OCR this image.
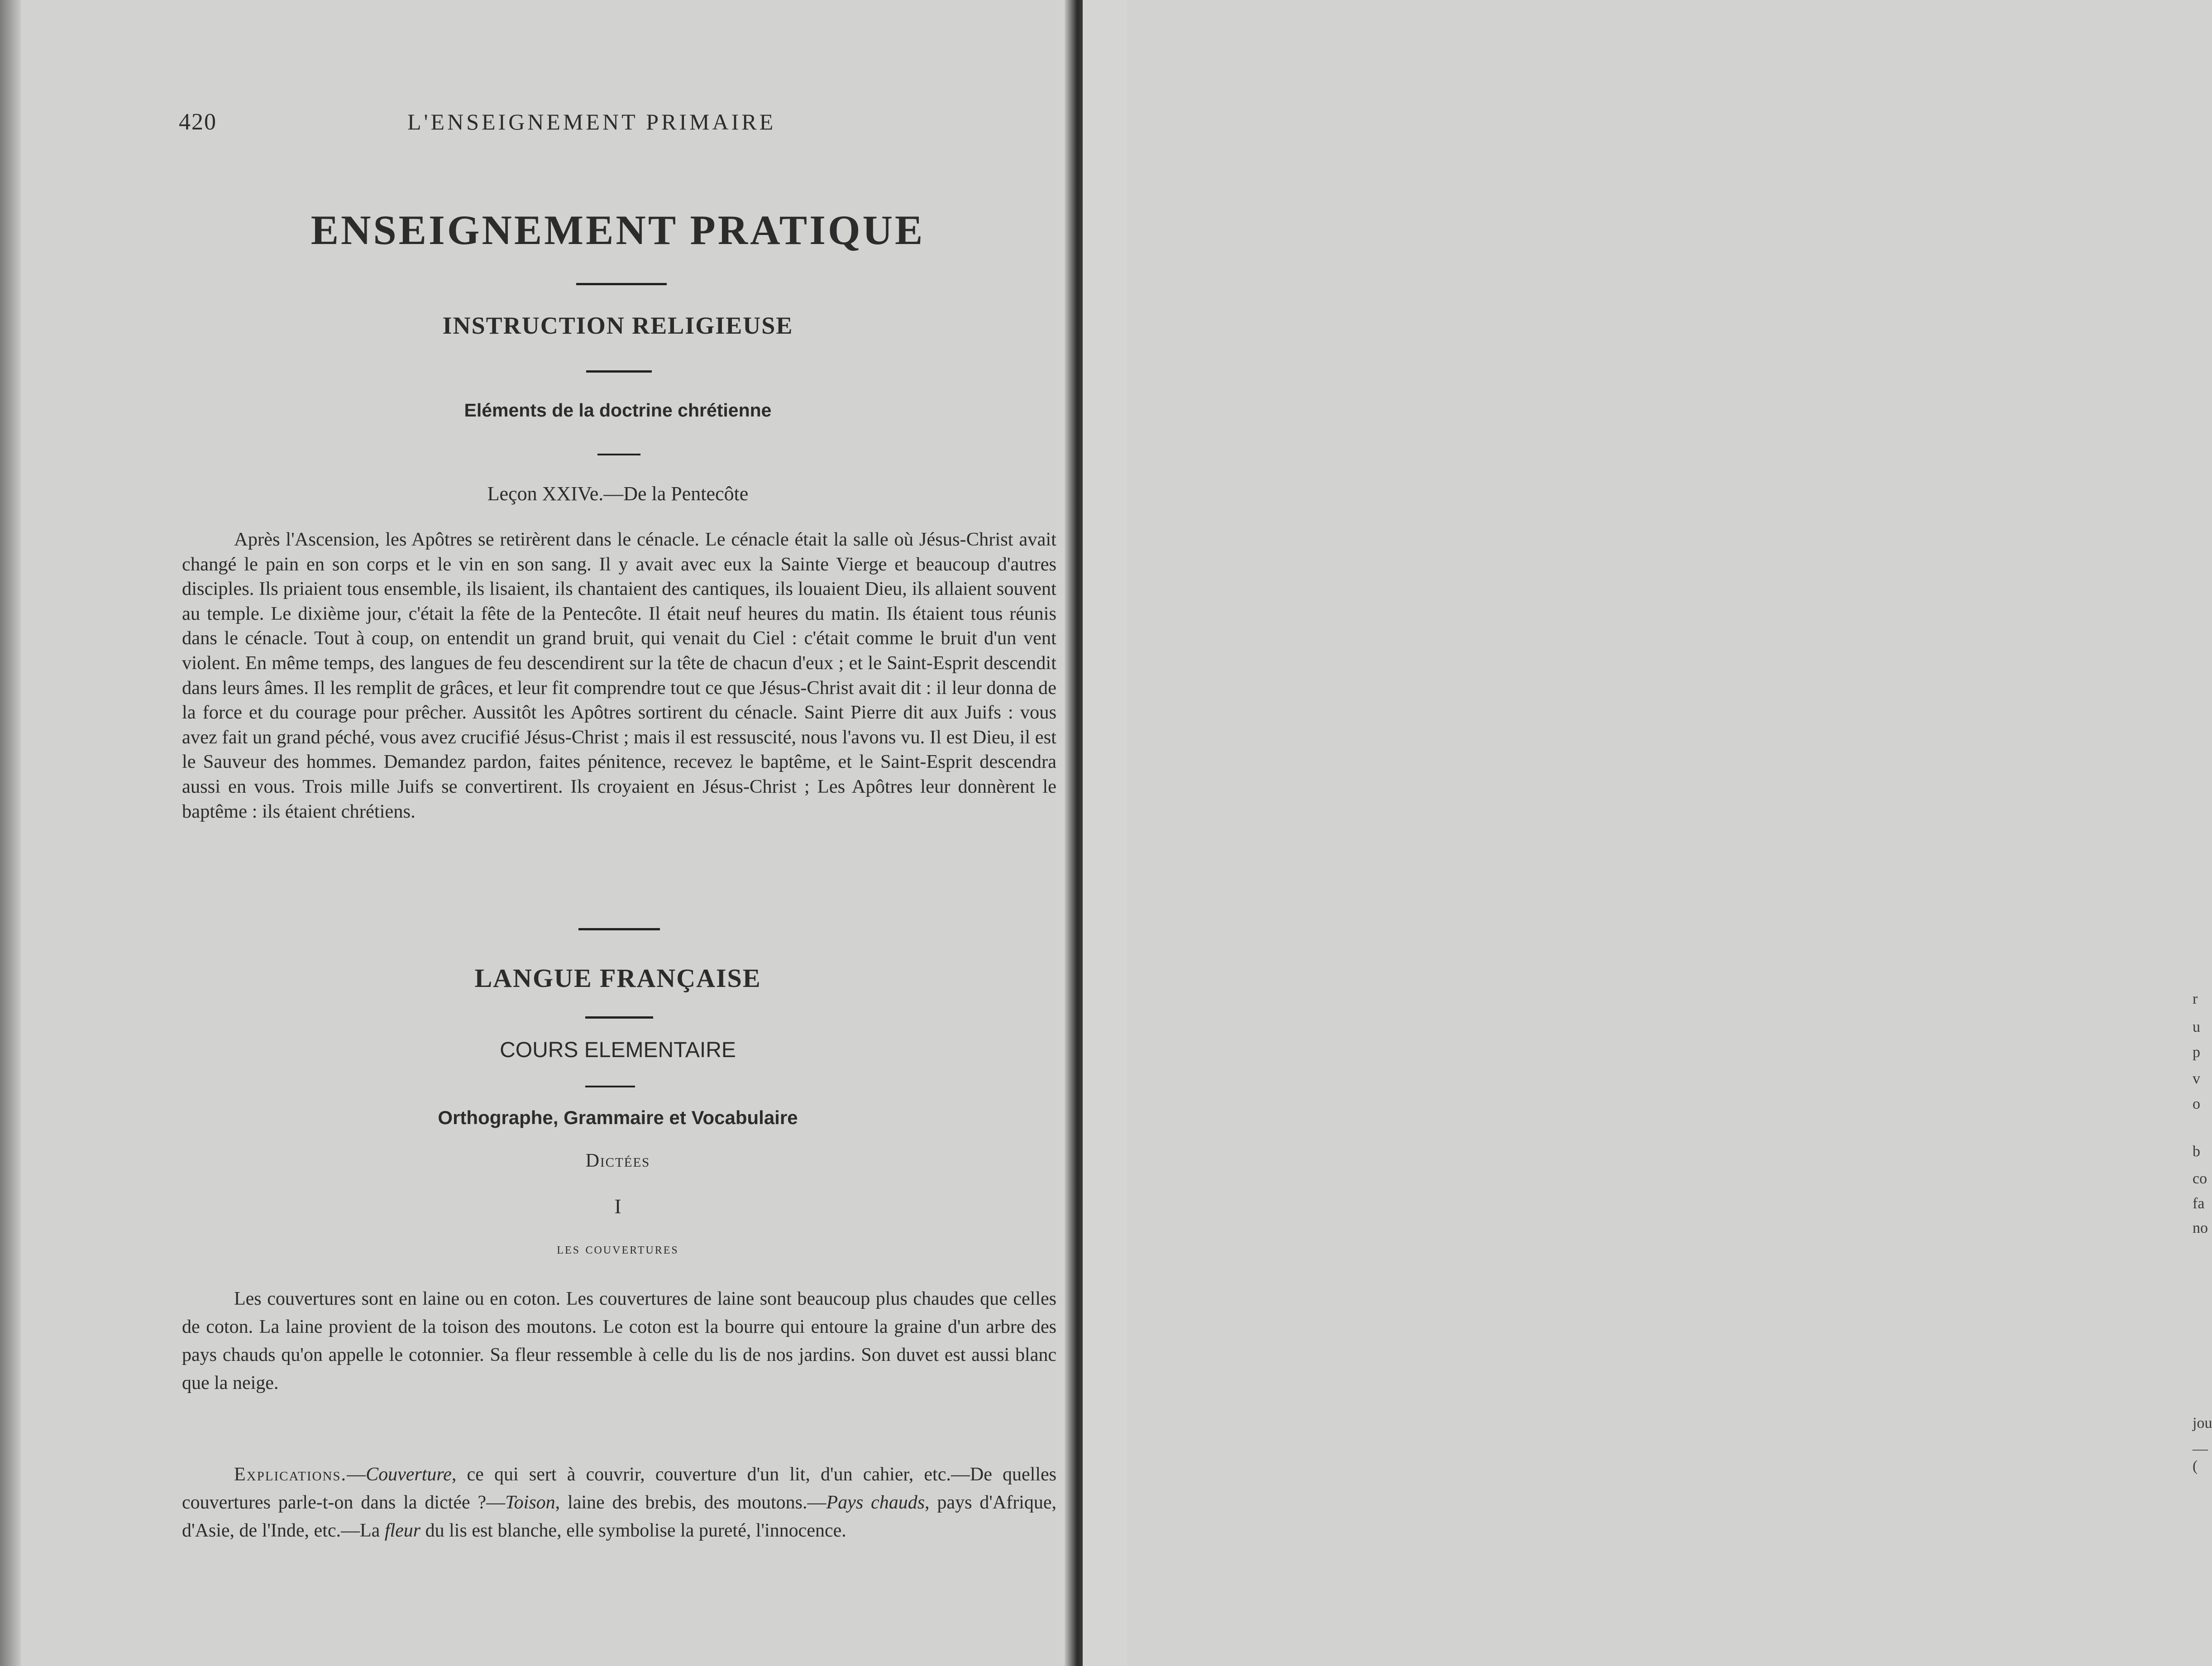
r
u
p
v
o
b
co
fa
no
jou
—(
420	L'ENSEIGNEMENT PRIMAIRE
ENSEIGNEMENT PRATIQUE
INSTRUCTION RELIGIEUSE
Eléments de la doctrine chrétienne
Leçon XXIVe.—De la Pentecôte

Après l'Ascension, les Apôtres se retirèrent dans le cénacle. Le cénacle était la salle où Jésus-Christ avait changé le pain en son corps et le vin en son sang. Il y avait avec eux la Sainte Vierge et beaucoup d'autres disciples. Ils priaient tous ensemble, ils lisaient, ils chantaient des cantiques, ils louaient Dieu, ils allaient souvent au temple. Le dixième jour, c'était la fête de la Pentecôte. Il était neuf heures du matin. Ils étaient tous réunis dans le cénacle. Tout à coup, on entendit un grand bruit, qui venait du Ciel : c'était comme le bruit d'un vent violent. En même temps, des langues de feu descendirent sur la tête de chacun d'eux ; et le Saint-Esprit descendit dans leurs âmes. Il les remplit de grâces, et leur fit comprendre tout ce que Jésus-Christ avait dit : il leur donna de la force et du courage pour prêcher. Aussitôt les Apôtres sortirent du cénacle. Saint Pierre dit aux Juifs : vous avez fait un grand péché, vous avez crucifié Jésus-Christ ; mais il est ressuscité, nous l'avons vu. Il est Dieu, il est le Sauveur des hommes. Demandez pardon, faites pénitence, recevez le baptême, et le Saint-Esprit descendra aussi en vous. Trois mille Juifs se convertirent. Ils croyaient en Jésus-Christ ; Les Apôtres leur donnèrent le baptême : ils étaient chrétiens.

LANGUE FRANÇAISE
COURS ELEMENTAIRE
Orthographe, Grammaire et Vocabulaire
Dictées
I
les couvertures

Les couvertures sont en laine ou en coton. Les couvertures de laine sont beaucoup plus chaudes que celles de coton. La laine provient de la toison des moutons. Le coton est la bourre qui entoure la graine d'un arbre des pays chauds qu'on appelle le cotonnier. Sa fleur ressemble à celle du lis de nos jardins. Son duvet est aussi blanc que la neige.

Explications.—Couverture, ce qui sert à couvrir, couverture d'un lit, d'un cahier, etc.—De quelles couvertures parle-t-on dans la dictée ?—Toison, laine des brebis, des moutons.—Pays chauds, pays d'Afrique, d'Asie, de l'Inde, etc.—La fleur du lis est blanche, elle symbolise la pureté, l'innocence.
